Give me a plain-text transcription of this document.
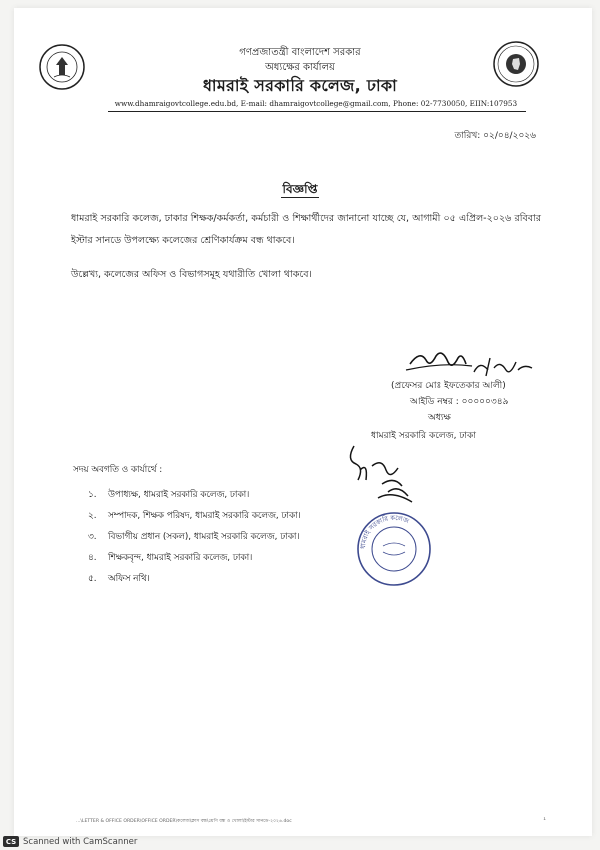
গণপ্রজাতন্ত্রী বাংলাদেশ সরকার
অধ্যক্ষের কার্যালয়
ধামরাই সরকারি কলেজ, ঢাকা
www.dhamraigovtcollege.edu.bd, E-mail: dhamraigovtcollege@gmail.com, Phone: 02-7730050, EIIN:107953
তারিখ: ০২/০৪/২০২৬
বিজ্ঞপ্তি
ধামরাই সরকারি কলেজ, ঢাকার শিক্ষক/কর্মকর্তা, কর্মচারী ও শিক্ষার্থীদের জানানো যাচ্ছে যে, আগামী ০৫ এপ্রিল-২০২৬ রবিবার ইস্টার সানডে উপলক্ষ্যে কলেজের শ্রেণিকার্যক্রম বন্ধ থাকবে।
উল্লেখ্য, কলেজের অফিস ও বিভাগসমূহ যথারীতি খোলা থাকবে।
(প্রফেসর মোঃ ইফতেকার আলী)
আইডি নম্বর : ০০০০০৩৪৯
অধ্যক্ষ
ধামরাই সরকারি কলেজ, ঢাকা
সদয় অবগতি ও কার্যার্থে :
১. উপাধ্যক্ষ, ধামরাই সরকারি কলেজ, ঢাকা।
২. সম্পাদক, শিক্ষক পরিষদ, ধামরাই সরকারি কলেজ, ঢাকা।
৩. বিভাগীয় প্রধান (সকল), ধামরাই সরকারি কলেজ, ঢাকা।
৪. শিক্ষকবৃন্দ, ধামরাই সরকারি কলেজ, ঢাকা।
৫. অফিস নথি।
ধামরাই সরকারি কলেজ
...\LETTER & OFFICE ORDER\OFFICE ORDER\কলেজ\ক্লাস বন্ধ\শ্রেণি বন্ধ ও খোলা\ইস্টার সানডে-২০২৬.doc	1
CS Scanned with CamScanner
